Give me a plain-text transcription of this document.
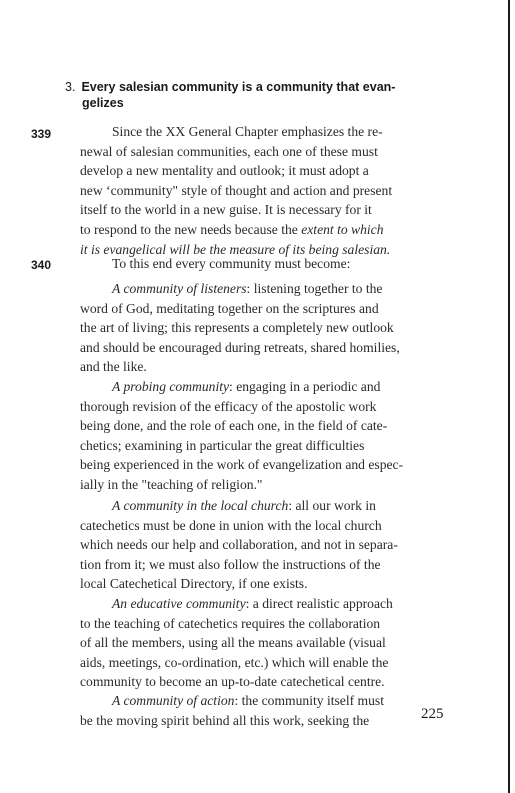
3. Every salesian community is a community that evan-
gelizes
339
340
Since the XX General Chapter emphasizes the re-
newal of salesian communities, each one of these must
develop a new mentality and outlook; it must adopt a
new ‘community" style of thought and action and present
itself to the world in a new guise. It is necessary for it
to respond to the new needs because the extent to which
it is evangelical will be the measure of its being salesian.
To this end every community must become:
A community of listeners: listening together to the
word of God, meditating together on the scriptures and
the art of living; this represents a completely new outlook
and should be encouraged during retreats, shared homilies,
and the like.
A probing community: engaging in a periodic and
thorough revision of the efficacy of the apostolic work
being done, and the role of each one, in the field of cate-
chetics; examining in particular the great difficulties
being experienced in the work of evangelization and espec-
ially in the "teaching of religion."
A community in the local church: all our work in
catechetics must be done in union with the local church
which needs our help and collaboration, and not in separa-
tion from it; we must also follow the instructions of the
local Catechetical Directory, if one exists.
An educative community: a direct realistic approach
to the teaching of catechetics requires the collaboration
of all the members, using all the means available (visual
aids, meetings, co-ordination, etc.) which will enable the
community to become an up-to-date catechetical centre.
A community of action: the community itself must
be the moving spirit behind all this work, seeking the	225
